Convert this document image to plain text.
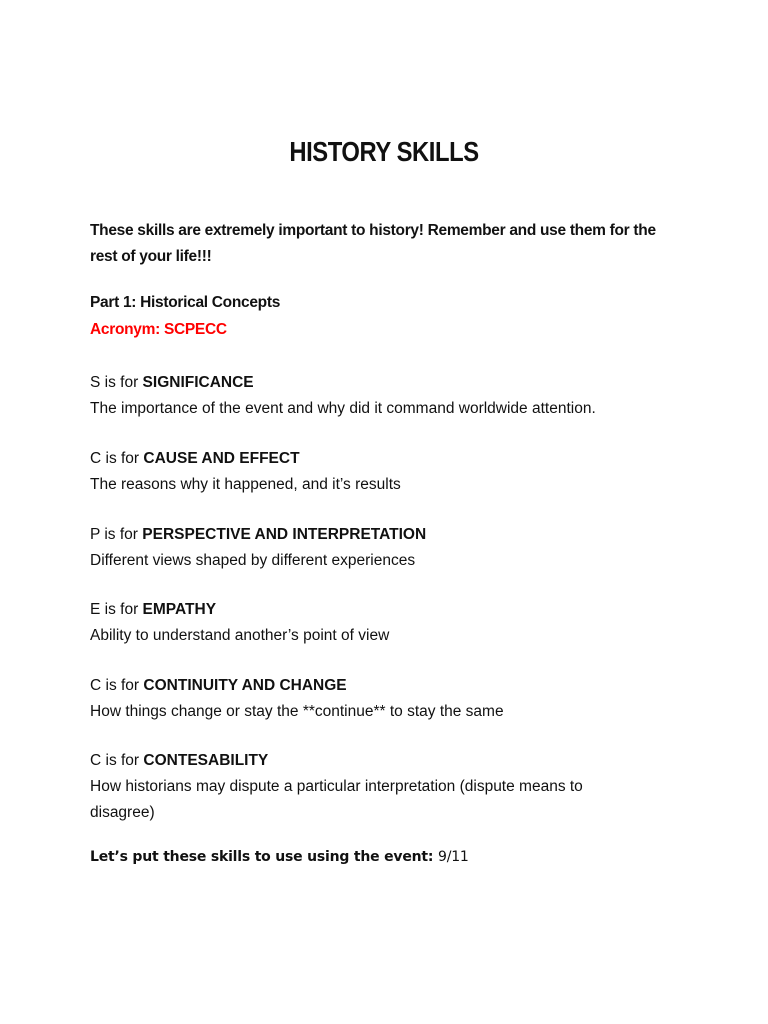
HISTORY SKILLS
These skills are extremely important to history! Remember and use them for the rest of your life!!!
Part 1: Historical Concepts
Acronym: SCPECC
S is for SIGNIFICANCE
The importance of the event and why did it command worldwide attention.
C is for CAUSE AND EFFECT
The reasons why it happened, and it’s results
P is for PERSPECTIVE AND INTERPRETATION
Different views shaped by different experiences
E is for EMPATHY
Ability to understand another’s point of view
C is for CONTINUITY AND CHANGE
How things change or stay the **continue** to stay the same
C is for CONTESABILITY
How historians may dispute a particular interpretation (dispute means to disagree)
Let’s put these skills to use using the event: 9/11
